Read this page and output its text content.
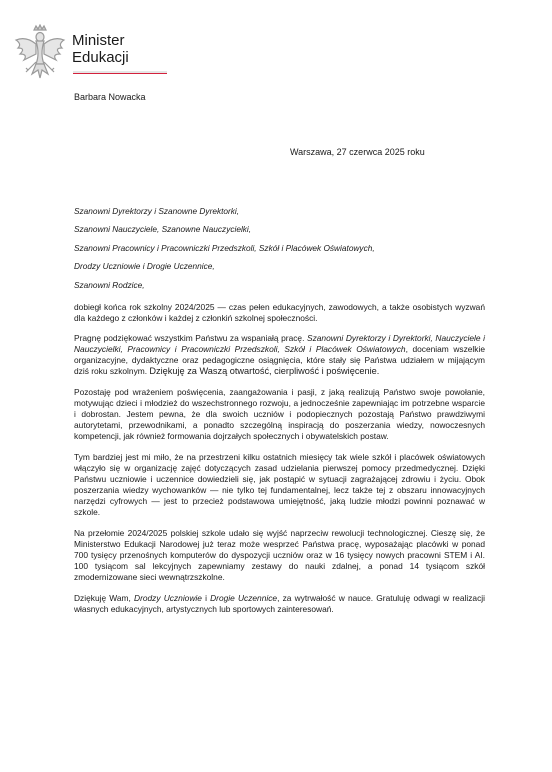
Minister
Edukacji
Barbara Nowacka
Warszawa, 27 czerwca 2025 roku
Szanowni Dyrektorzy i Szanowne Dyrektorki,
Szanowni Nauczyciele, Szanowne Nauczycielki,
Szanowni Pracownicy i Pracowniczki Przedszkoli, Szkół i Placówek Oświatowych,
Drodzy Uczniowie i Drogie Uczennice,
Szanowni Rodzice,

dobiegł końca rok szkolny 2024/2025 — czas pełen edukacyjnych, zawodowych, a także osobistych wyzwań dla każdego z członków i każdej z członkiń szkolnej społeczności.

Pragnę podziękować wszystkim Państwu za wspaniałą pracę. Szanowni Dyrektorzy i Dyrektorki, Nauczyciele i Nauczycielki, Pracownicy i Pracowniczki Przedszkoli, Szkół i Placówek Oświatowych, doceniam wszelkie organizacyjne, dydaktyczne oraz pedagogiczne osiągnięcia, które stały się Państwa udziałem w mijającym dziś roku szkolnym. Dziękuję za Waszą otwartość, cierpliwość i poświęcenie.

Pozostaję pod wrażeniem poświęcenia, zaangażowania i pasji, z jaką realizują Państwo swoje powołanie, motywując dzieci i młodzież do wszechstronnego rozwoju, a jednocześnie zapewniając im potrzebne wsparcie i dobrostan. Jestem pewna, że dla swoich uczniów i podopiecznych pozostają Państwo prawdziwymi autorytetami, przewodnikami, a ponadto szczególną inspiracją do poszerzania wiedzy, nowoczesnych kompetencji, jak również formowania dojrzałych społecznych i obywatelskich postaw.

Tym bardziej jest mi miło, że na przestrzeni kilku ostatnich miesięcy tak wiele szkół i placówek oświatowych włączyło się w organizację zajęć dotyczących zasad udzielania pierwszej pomocy przedmedycznej. Dzięki Państwu uczniowie i uczennice dowiedzieli się, jak postąpić w sytuacji zagrażającej zdrowiu i życiu. Obok poszerzania wiedzy wychowanków — nie tylko tej fundamentalnej, lecz także tej z obszaru innowacyjnych narzędzi cyfrowych — jest to przecież podstawowa umiejętność, jaką ludzie młodzi powinni poznawać w szkole.

Na przełomie 2024/2025 polskiej szkole udało się wyjść naprzeciw rewolucji technologicznej. Cieszę się, że Ministerstwo Edukacji Narodowej już teraz może wesprzeć Państwa pracę, wyposażając placówki w ponad 700 tysięcy przenośnych komputerów do dyspozycji uczniów oraz w 16 tysięcy nowych pracowni STEM i AI. 100 tysiącom sal lekcyjnych zapewniamy zestawy do nauki zdalnej, a ponad 14 tysiącom szkół zmodernizowane sieci wewnątrzszkolne.

Dziękuję Wam, Drodzy Uczniowie i Drogie Uczennice, za wytrwałość w nauce. Gratuluję odwagi w realizacji własnych edukacyjnych, artystycznych lub sportowych zainteresowań.
